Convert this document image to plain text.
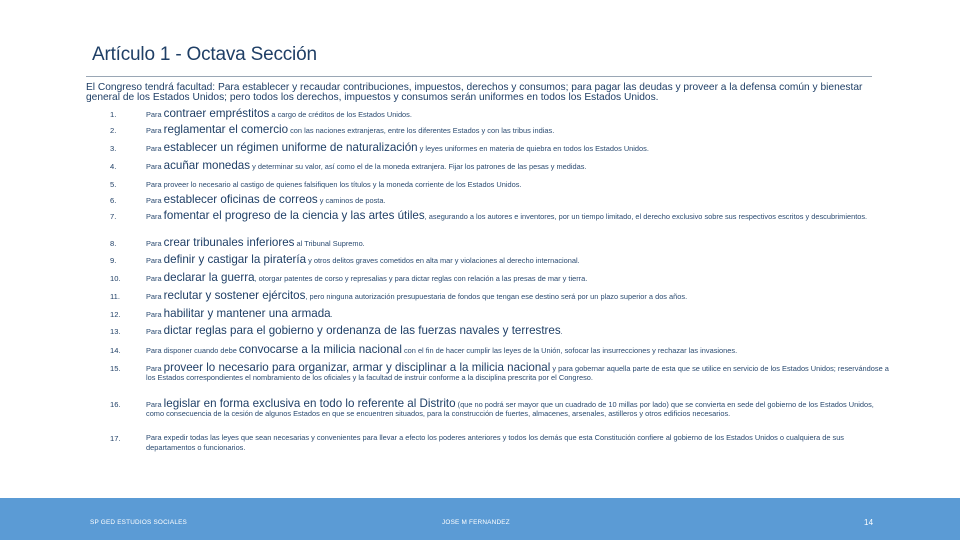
Artículo 1 - Octava Sección
El Congreso tendrá facultad: Para establecer y recaudar contribuciones, impuestos, derechos y consumos; para pagar las deudas y proveer a la defensa común y bienestar general de los Estados Unidos; pero todos los derechos, impuestos y consumos serán uniformes en todos los Estados Unidos.
1.	Para contraer empréstitos a cargo de créditos de los Estados Unidos.
2.	Para reglamentar el comercio con las naciones extranjeras, entre los diferentes Estados y con las tribus indias.
3.	Para establecer un régimen uniforme de naturalización y leyes uniformes en materia de quiebra en todos los Estados Unidos.
4.	Para acuñar monedas y determinar su valor, así como el de la moneda extranjera. Fijar los patrones de las pesas y medidas.
5.	Para proveer lo necesario al castigo de quienes falsifiquen los títulos y la moneda corriente de los Estados Unidos.
6.	Para establecer oficinas de correos y caminos de posta.
7.	Para fomentar el progreso de la ciencia y las artes útiles, asegurando a los autores e inventores, por un tiempo limitado, el derecho exclusivo sobre sus respectivos escritos y descubrimientos.
8.	Para crear tribunales inferiores al Tribunal Supremo.
9.	Para definir y castigar la piratería y otros delitos graves cometidos en alta mar y violaciones al derecho internacional.
10.	Para declarar la guerra, otorgar patentes de corso y represalias y para dictar reglas con relación a las presas de mar y tierra.
11.	Para reclutar y sostener ejércitos, pero ninguna autorización presupuestaria de fondos que tengan ese destino será por un plazo superior a dos años.
12.	Para habilitar y mantener una armada.
13.	Para dictar reglas para el gobierno y ordenanza de las fuerzas navales y terrestres.
14.	Para disponer cuando debe convocarse a la milicia nacional con el fin de hacer cumplir las leyes de la Unión, sofocar las insurrecciones y rechazar las invasiones.
15.	Para proveer lo necesario para organizar, armar y disciplinar a la milicia nacional y para gobernar aquella parte de esta que se utilice en servicio de los Estados Unidos; reservándose a los Estados correspondientes el nombramiento de los oficiales y la facultad de instruir conforme a la disciplina prescrita por el Congreso.
16.	Para legislar en forma exclusiva en todo lo referente al Distrito (que no podrá ser mayor que un cuadrado de 10 millas por lado) que se convierta en sede del gobierno de los Estados Unidos, como consecuencia de la cesión de algunos Estados en que se encuentren situados, para la construcción de fuertes, almacenes, arsenales, astilleros y otros edificios necesarios.
17.	Para expedir todas las leyes que sean necesarias y convenientes para llevar a efecto los poderes anteriores y todos los demás que esta Constitución confiere al gobierno de los Estados Unidos o cualquiera de sus departamentos o funcionarios.
SP GED ESTUDIOS SOCIALES	JOSE M FERNANDEZ	14
